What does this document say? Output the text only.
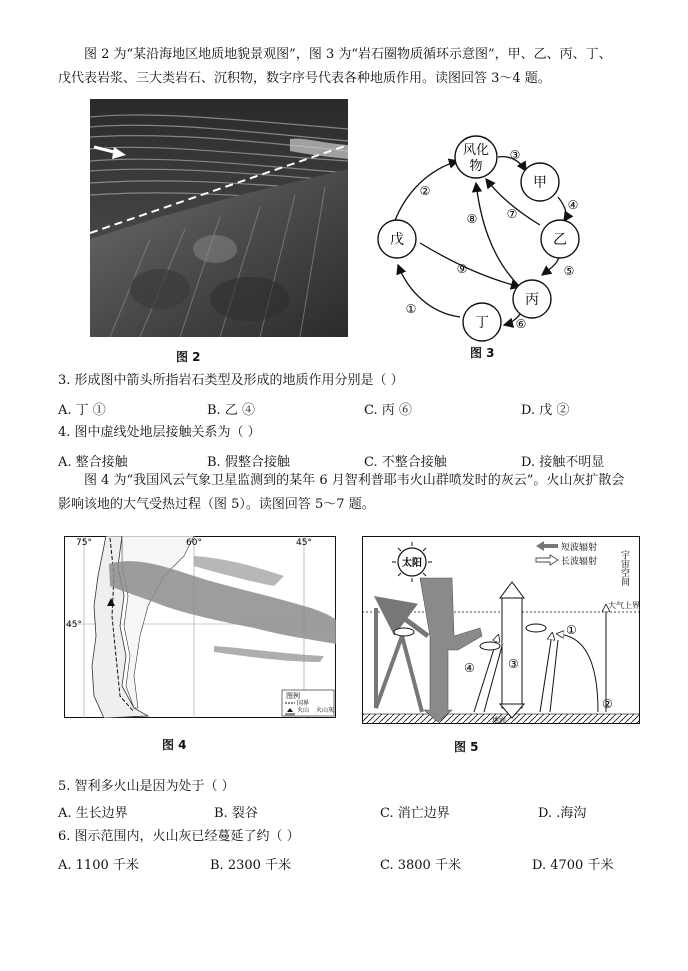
图 2 为“某沿海地区地质地貌景观图”，图 3 为“岩石圈物质循环示意图”，甲、乙、丙、丁、
戊代表岩浆、三大类岩石、沉积物，数字序号代表各种地质作用。读图回答 3～4 题。
图 2
风化
物
甲
乙
戊
丙
丁
③
④
⑤
⑥
①
②
⑨
⑦
⑧
图 3
3. 形成图中箭头所指岩石类型及形成的地质作用分别是（ ）
A. 丁 ①	B. 乙 ④	C. 丙 ⑥	D. 戊 ②
4. 图中虚线处地层接触关系为（ ）
A. 整合接触	B. 假整合接触	C. 不整合接触	D. 接触不明显
图 4 为“我国风云气象卫星监测到的某年 6 月智利普耶韦火山群喷发时的灰云”。火山灰扩散会
影响该地的大气受热过程（图 5）。读图回答 5～7 题。
75°	60°	45°
45°
图例
国界
火山 火山灰
图 4
太阳
短波辐射
长波辐射 宇宙空间
大气上界
地面
①
②
③
④
图 5
5. 智利多火山是因为处于（ ）
A. 生长边界	B. 裂谷	C. 消亡边界	D. .海沟
6. 图示范围内，火山灰已经蔓延了约（ ）
A. 1100 千米	B. 2300 千米	C. 3800 千米	D. 4700 千米
